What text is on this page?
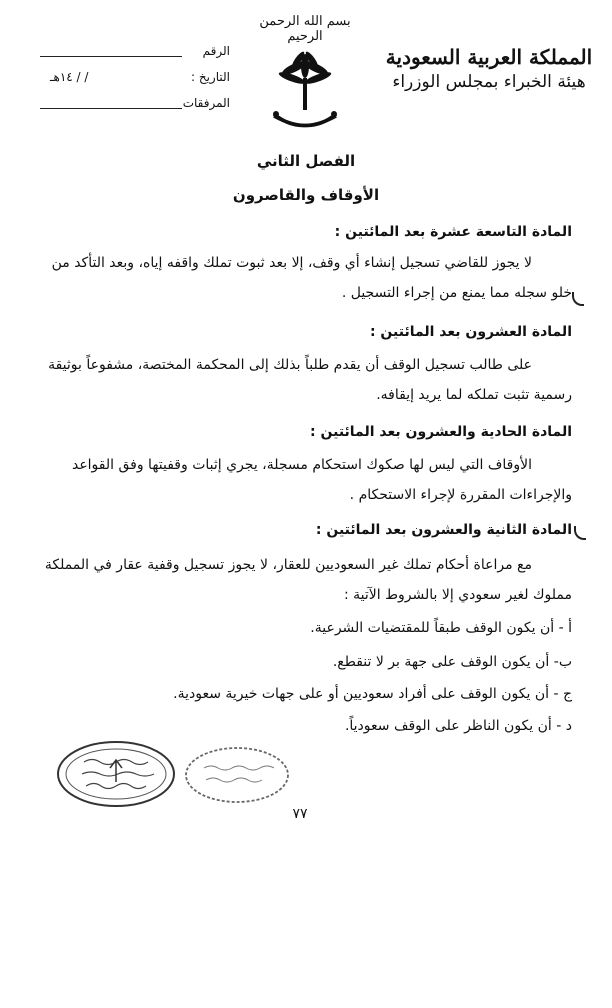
بسم الله الرحمن الرحيم
المملكة العربية السعودية
هيئة الخبراء بمجلس الوزراء
الرقم
/ / ١٤هـ	التاريخ :
المرفقات
الفصل الثاني
الأوقاف والقاصرون
المادة التاسعة عشرة بعد المائتين :
لا يجوز للقاضي تسجيل إنشاء أي وقف، إلا بعد ثبوت تملك واقفه إياه، وبعد التأكد من خلو سجله مما يمنع من إجراء التسجيل .
المادة العشرون بعد المائتين :
على طالب تسجيل الوقف أن يقدم طلباً بذلك إلى المحكمة المختصة، مشفوعاً بوثيقة رسمية تثبت تملكه لما يريد إيقافه.
المادة الحادية والعشرون بعد المائتين :
الأوقاف التي ليس لها صكوك استحكام مسجلة، يجري إثبات وقفيتها وفق القواعد والإجراءات المقررة لإجراء الاستحكام .
المادة الثانية والعشرون بعد المائتين :
مع مراعاة أحكام تملك غير السعوديين للعقار، لا يجوز تسجيل وقفية عقار في المملكة مملوك لغير سعودي إلا بالشروط الآتية :
أ - أن يكون الوقف طبقاً للمقتضيات الشرعية.
ب- أن يكون الوقف على جهة بر لا تنقطع.
ج - أن يكون الوقف على أفراد سعوديين أو على جهات خيرية سعودية.
د - أن يكون الناظر على الوقف سعودياً.
٧٧
